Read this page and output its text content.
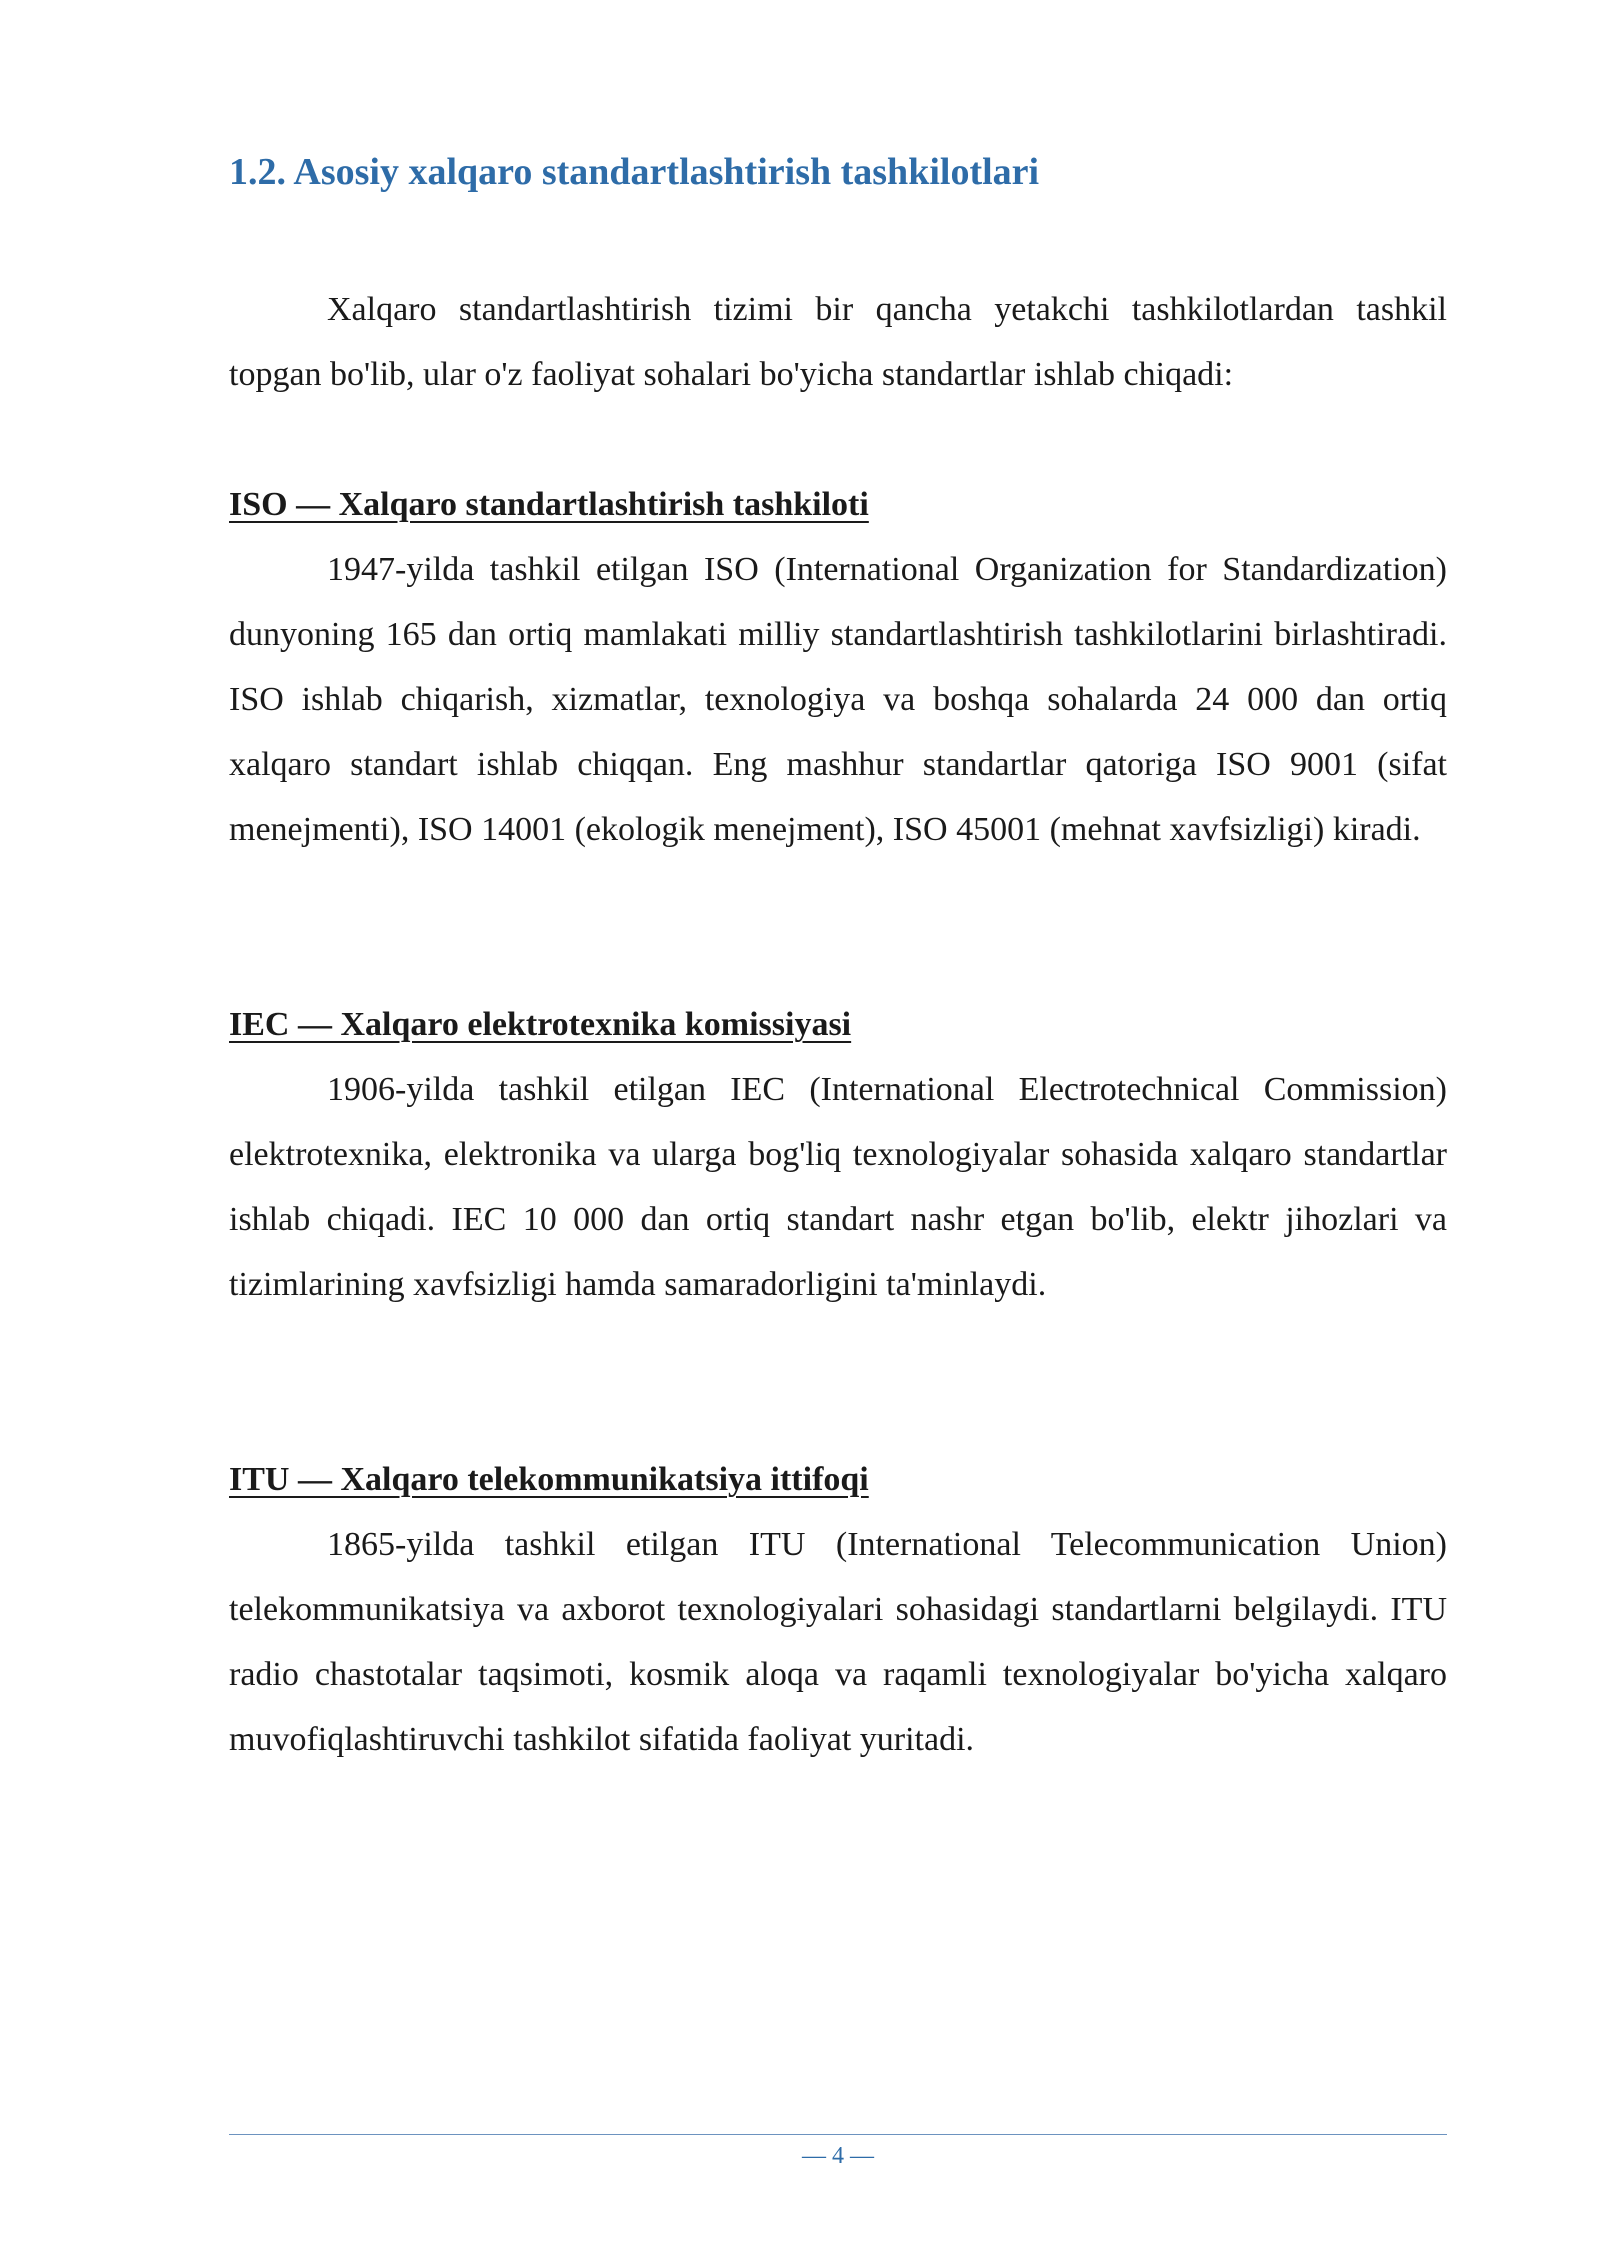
1.2. Asosiy xalqaro standartlashtirish tashkilotlari

Xalqaro standartlashtirish tizimi bir qancha yetakchi tashkilotlardan tashkil topgan bo'lib, ular o'z faoliyat sohalari bo'yicha standartlar ishlab chiqadi:

ISO — Xalqaro standartlashtirish tashkiloti

1947-yilda tashkil etilgan ISO (International Organization for Standardization) dunyoning 165 dan ortiq mamlakati milliy standartlashtirish tashkilotlarini birlashtiradi. ISO ishlab chiqarish, xizmatlar, texnologiya va boshqa sohalarda 24 000 dan ortiq xalqaro standart ishlab chiqqan. Eng mashhur standartlar qatoriga ISO 9001 (sifat menejmenti), ISO 14001 (ekologik menejment), ISO 45001 (mehnat xavfsizligi) kiradi.

IEC — Xalqaro elektrotexnika komissiyasi

1906-yilda tashkil etilgan IEC (International Electrotechnical Commission) elektrotexnika, elektronika va ularga bog'liq texnologiyalar sohasida xalqaro standartlar ishlab chiqadi. IEC 10 000 dan ortiq standart nashr etgan bo'lib, elektr jihozlari va tizimlarining xavfsizligi hamda samaradorligini ta'minlaydi.

ITU — Xalqaro telekommunikatsiya ittifoqi

1865-yilda tashkil etilgan ITU (International Telecommunication Union) telekommunikatsiya va axborot texnologiyalari sohasidagi standartlarni belgilaydi. ITU radio chastotalar taqsimoti, kosmik aloqa va raqamli texnologiyalar bo'yicha xalqaro muvofiqlashtiruvchi tashkilot sifatida faoliyat yuritadi.

— 4 —
